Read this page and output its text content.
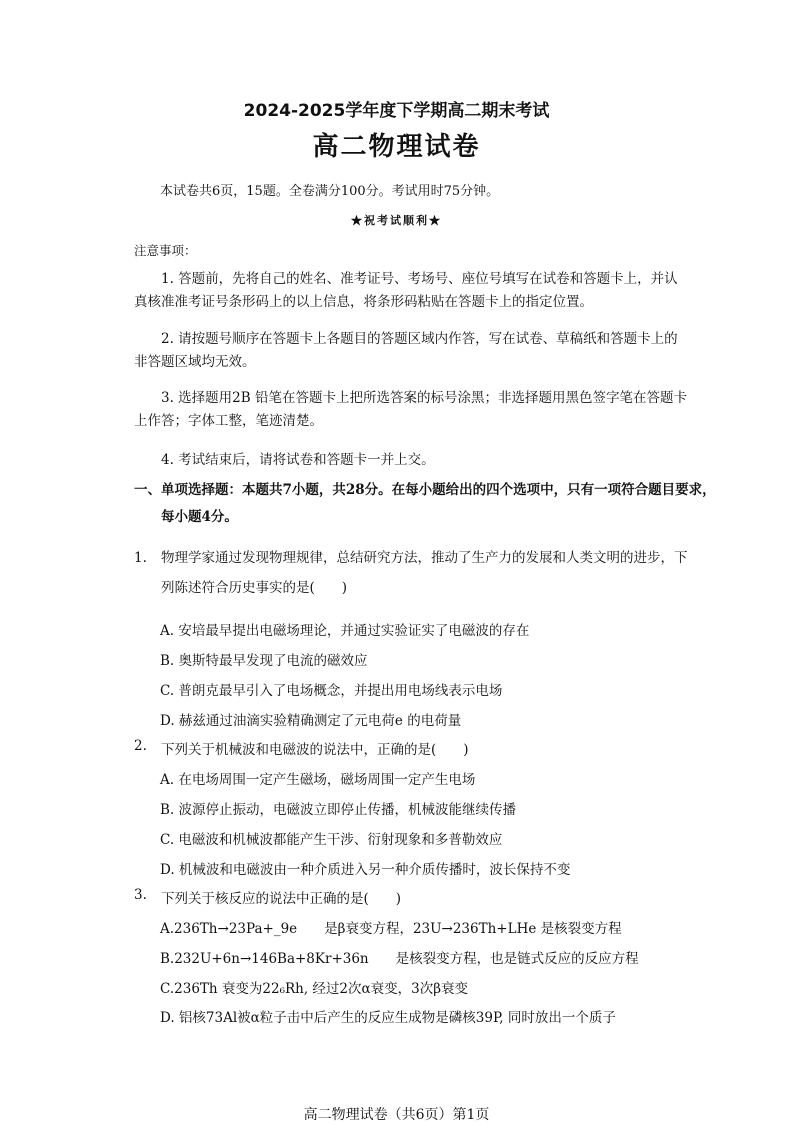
2024-2025学年度下学期高二期末考试
高二物理试卷
本试卷共6页，15题。全卷满分100分。考试用时75分钟。
★祝考试顺利★
注意事项：
1. 答题前，先将自己的姓名、准考证号、考场号、座位号填写在试卷和答题卡上，并认真核准准考证号条形码上的以上信息，将条形码粘贴在答题卡上的指定位置。
2. 请按题号顺序在答题卡上各题目的答题区域内作答，写在试卷、草稿纸和答题卡上的非答题区域均无效。
3. 选择题用2B 铅笔在答题卡上把所选答案的标号涂黑；非选择题用黑色签字笔在答题卡上作答；字体工整，笔迹清楚。
4. 考试结束后，请将试卷和答题卡一并上交。
一、单项选择题：本题共7小题，共28分。在每小题给出的四个选项中，只有一项符合题目要求，每小题4分。
1. 物理学家通过发现物理规律，总结研究方法，推动了生产力的发展和人类文明的进步，下列陈述符合历史事实的是(　　)
A. 安培最早提出电磁场理论，并通过实验证实了电磁波的存在
B. 奥斯特最早发现了电流的磁效应
C. 普朗克最早引入了电场概念，并提出用电场线表示电场
D. 赫兹通过油滴实验精确测定了元电荷e 的电荷量
2. 下列关于机械波和电磁波的说法中，正确的是(　　)
A. 在电场周围一定产生磁场，磁场周围一定产生电场
B. 波源停止振动，电磁波立即停止传播，机械波能继续传播
C. 电磁波和机械波都能产生干涉、衍射现象和多普勒效应
D. 机械波和电磁波由一种介质进入另一种介质传播时，波长保持不变
3. 下列关于核反应的说法中正确的是(　　)
A.236Th→23Pa+_9e　　是β衰变方程，23U→236Th+LHe 是核裂变方程
B.232U+6n→146Ba+8Kr+36n　　是核裂变方程，也是链式反应的反应方程
C.236Th 衰变为22₆Rh, 经过2次α衰变，3次β衰变
D. 铝核73Al被α粒子击中后产生的反应生成物是磷核39P, 同时放出一个质子
高二物理试卷（共6页）第1页
